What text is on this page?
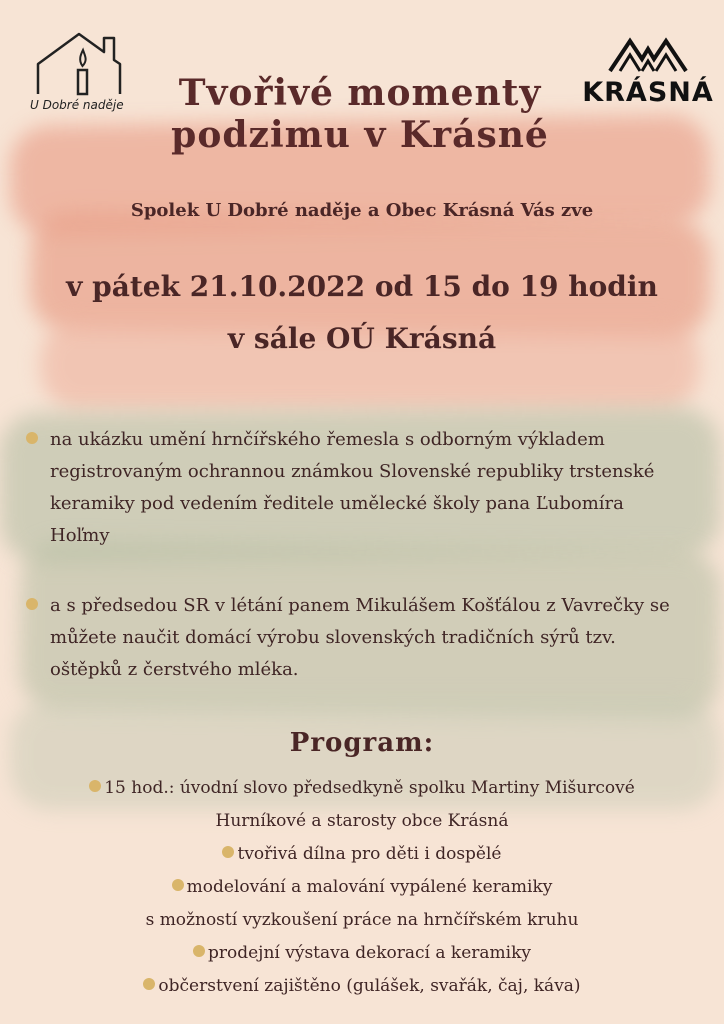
U Dobré naděje	KRÁSNÁ
Tvořivé momenty
podzimu v Krásné
Spolek U Dobré naděje a Obec Krásná Vás zve
v pátek 21.10.2022 od 15 do 19 hodin
v sále OÚ Krásná
na ukázku umění hrnčířského řemesla s odborným výkladem registrovaným ochrannou známkou Slovenské republiky trstenské keramiky pod vedením ředitele umělecké školy pana Ľubomíra Hoľmy
a s předsedou SR v létání panem Mikulášem Košťálou z Vavrečky se můžete naučit domácí výrobu slovenských tradičních sýrů tzv. oštěpků z čerstvého mléka.
Program:
15 hod.: úvodní slovo předsedkyně spolku Martiny Mišurcové
Hurníkové a starosty obce Krásná
tvořivá dílna pro děti i dospělé
modelování a malování vypálené keramiky
s možností vyzkoušení práce na hrnčířském kruhu
prodejní výstava dekorací a keramiky
občerstvení zajištěno (gulášek, svařák, čaj, káva)
